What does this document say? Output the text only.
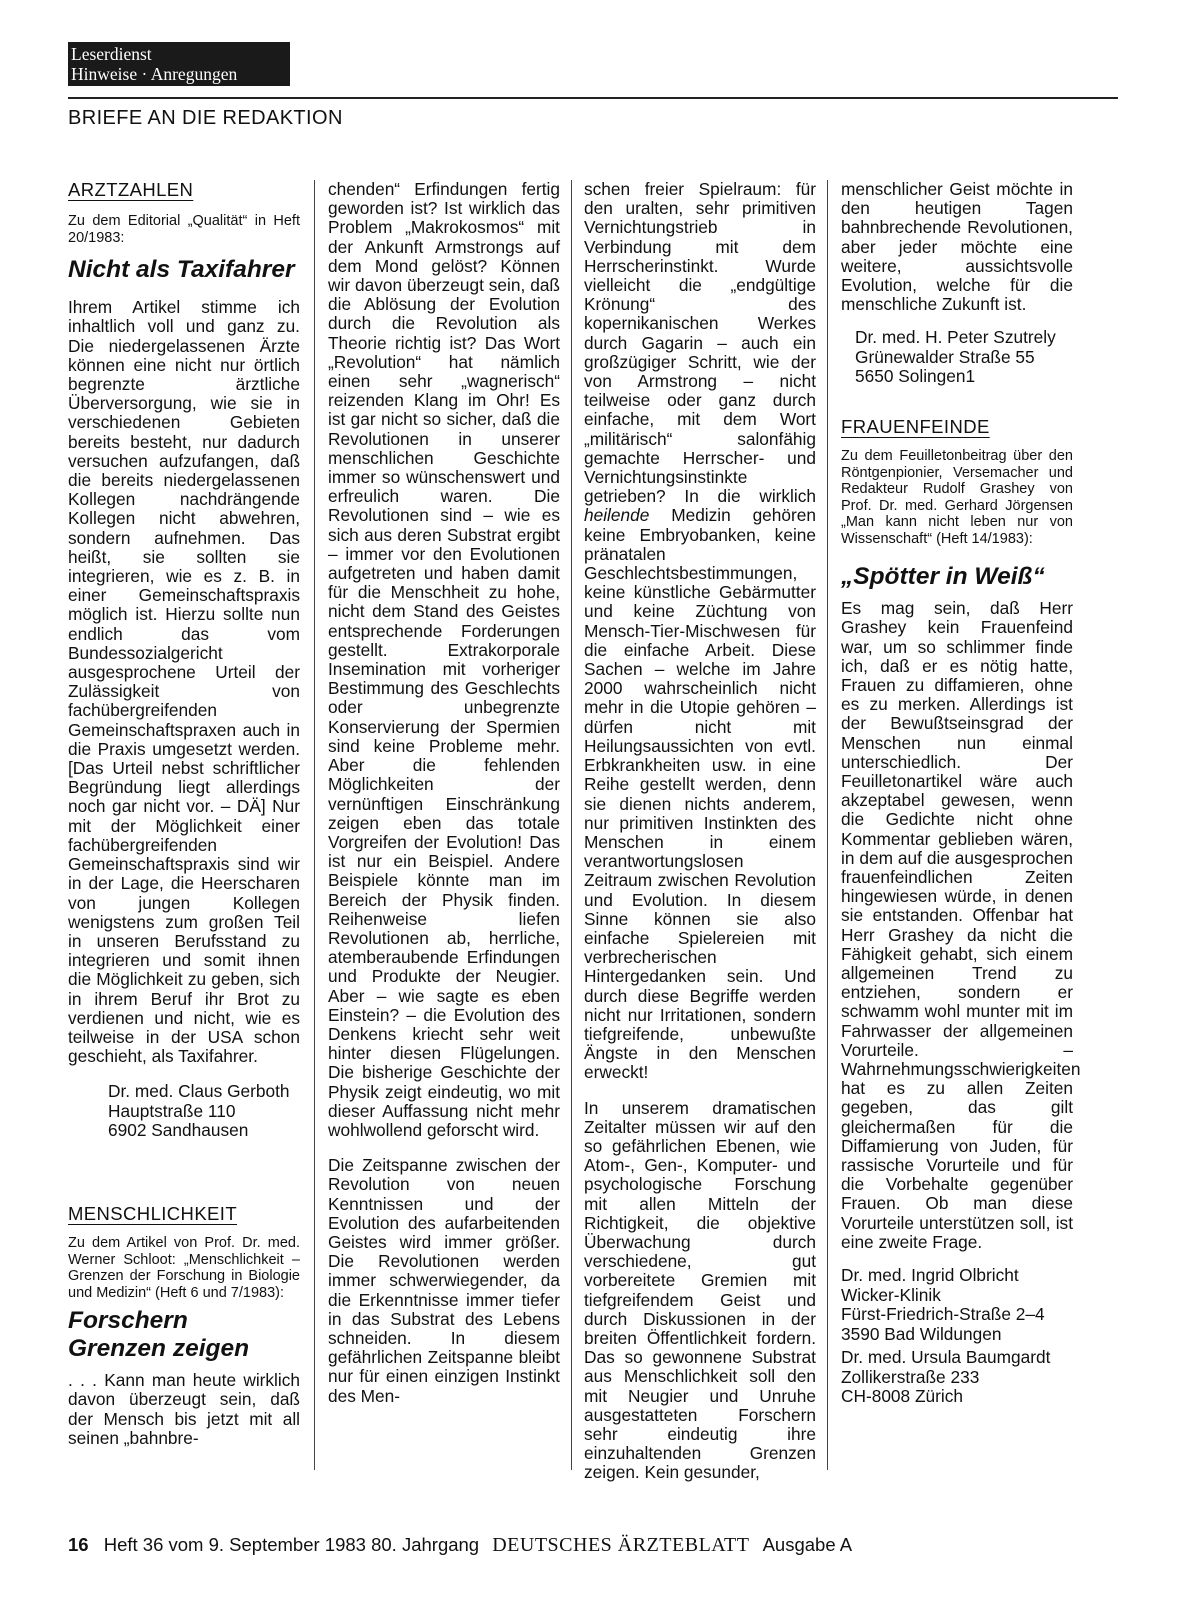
Leserdienst
Hinweise · Anregungen
BRIEFE AN DIE REDAKTION
ARZTZAHLEN
Zu dem Editorial „Qualität“ in Heft 20/1983:
Nicht als Taxifahrer

Ihrem Artikel stimme ich inhaltlich voll und ganz zu. Die niedergelassenen Ärzte können eine nicht nur örtlich begrenzte ärztliche Überversorgung, wie sie in verschiedenen Gebieten bereits besteht, nur dadurch versuchen aufzufangen, daß die bereits niedergelassenen Kollegen nachdrängende Kollegen nicht abwehren, sondern aufnehmen. Das heißt, sie sollten sie integrieren, wie es z. B. in einer Gemeinschaftspraxis möglich ist. Hierzu sollte nun endlich das vom Bundessozialgericht ausgesprochene Urteil der Zulässigkeit von fachübergreifenden Gemeinschaftspraxen auch in die Praxis umgesetzt werden. [Das Urteil nebst schriftlicher Begründung liegt allerdings noch gar nicht vor. – DÄ] Nur mit der Möglichkeit einer fachübergreifenden Gemeinschaftspraxis sind wir in der Lage, die Heerscharen von jungen Kollegen wenigstens zum großen Teil in unseren Berufsstand zu integrieren und somit ihnen die Möglichkeit zu geben, sich in ihrem Beruf ihr Brot zu verdienen und nicht, wie es teilweise in der USA schon geschieht, als Taxifahrer.

Dr. med. Claus Gerboth
Hauptstraße 110
6902 Sandhausen
MENSCHLICHKEIT
Zu dem Artikel von Prof. Dr. med. Werner Schloot: „Menschlichkeit – Grenzen der Forschung in Biologie und Medizin“ (Heft 6 und 7/1983):
Forschern
Grenzen zeigen

. . . Kann man heute wirklich davon überzeugt sein, daß der Mensch bis jetzt mit all seinen „bahnbre-

chenden“ Erfindungen fertig geworden ist? Ist wirklich das Problem „Makrokosmos“ mit der Ankunft Armstrongs auf dem Mond gelöst? Können wir davon überzeugt sein, daß die Ablösung der Evolution durch die Revolution als Theorie richtig ist? Das Wort „Revolution“ hat nämlich einen sehr „wagnerisch“ reizenden Klang im Ohr! Es ist gar nicht so sicher, daß die Revolutionen in unserer menschlichen Geschichte immer so wünschenswert und erfreulich waren. Die Revolutionen sind – wie es sich aus deren Substrat ergibt – immer vor den Evolutionen aufgetreten und haben damit für die Menschheit zu hohe, nicht dem Stand des Geistes entsprechende Forderungen gestellt. Extrakorporale Insemination mit vorheriger Bestimmung des Geschlechts oder unbegrenzte Konservierung der Spermien sind keine Probleme mehr. Aber die fehlenden Möglichkeiten der vernünftigen Einschränkung zeigen eben das totale Vorgreifen der Evolution! Das ist nur ein Beispiel. Andere Beispiele könnte man im Bereich der Physik finden. Reihenweise liefen Revolutionen ab, herrliche, atemberaubende Erfindungen und Produkte der Neugier. Aber – wie sagte es eben Einstein? – die Evolution des Denkens kriecht sehr weit hinter diesen Flügelungen. Die bisherige Geschichte der Physik zeigt eindeutig, wo mit dieser Auffassung nicht mehr wohlwollend geforscht wird.

Die Zeitspanne zwischen der Revolution von neuen Kenntnissen und der Evolution des aufarbeitenden Geistes wird immer größer. Die Revolutionen werden immer schwerwiegender, da die Erkenntnisse immer tiefer in das Substrat des Lebens schneiden. In diesem gefährlichen Zeitspanne bleibt nur für einen einzigen Instinkt des Men-

schen freier Spielraum: für den uralten, sehr primitiven Vernichtungstrieb in Verbindung mit dem Herrscherinstinkt. Wurde vielleicht die „endgültige Krönung“ des kopernikanischen Werkes durch Gagarin – auch ein großzügiger Schritt, wie der von Armstrong – nicht teilweise oder ganz durch einfache, mit dem Wort „militärisch“ salonfähig gemachte Herrscher- und Vernichtungsinstinkte getrieben? In die wirklich heilende Medizin gehören keine Embryobanken, keine pränatalen Geschlechtsbestimmungen, keine künstliche Gebärmutter und keine Züchtung von Mensch-Tier-Mischwesen für die einfache Arbeit. Diese Sachen – welche im Jahre 2000 wahrscheinlich nicht mehr in die Utopie gehören – dürfen nicht mit Heilungsaussichten von evtl. Erbkrankheiten usw. in eine Reihe gestellt werden, denn sie dienen nichts anderem, nur primitiven Instinkten des Menschen in einem verantwortungslosen Zeitraum zwischen Revolution und Evolution. In diesem Sinne können sie also einfache Spielereien mit verbrecherischen Hintergedanken sein. Und durch diese Begriffe werden nicht nur Irritationen, sondern tiefgreifende, unbewußte Ängste in den Menschen erweckt!

In unserem dramatischen Zeitalter müssen wir auf den so gefährlichen Ebenen, wie Atom-, Gen-, Komputer- und psychologische Forschung mit allen Mitteln der Richtigkeit, die objektive Überwachung durch verschiedene, gut vorbereitete Gremien mit tiefgreifendem Geist und durch Diskussionen in der breiten Öffentlichkeit fordern. Das so gewonnene Substrat aus Menschlichkeit soll den mit Neugier und Unruhe ausgestatteten Forschern sehr eindeutig ihre einzuhaltenden Grenzen zeigen. Kein gesunder,

menschlicher Geist möchte in den heutigen Tagen bahnbrechende Revolutionen, aber jeder möchte eine weitere, aussichtsvolle Evolution, welche für die menschliche Zukunft ist.

Dr. med. H. Peter Szutrely
Grünewalder Straße 55
5650 Solingen1
FRAUENFEINDE
Zu dem Feuilletonbeitrag über den Röntgenpionier, Versemacher und Redakteur Rudolf Grashey von Prof. Dr. med. Gerhard Jörgensen „Man kann nicht leben nur von Wissenschaft“ (Heft 14/1983):
„Spötter in Weiß“

Es mag sein, daß Herr Grashey kein Frauenfeind war, um so schlimmer finde ich, daß er es nötig hatte, Frauen zu diffamieren, ohne es zu merken. Allerdings ist der Bewußtseinsgrad der Menschen nun einmal unterschiedlich. Der Feuilletonartikel wäre auch akzeptabel gewesen, wenn die Gedichte nicht ohne Kommentar geblieben wären, in dem auf die ausgesprochen frauenfeindlichen Zeiten hingewiesen würde, in denen sie entstanden. Offenbar hat Herr Grashey da nicht die Fähigkeit gehabt, sich einem allgemeinen Trend zu entziehen, sondern er schwamm wohl munter mit im Fahrwasser der allgemeinen Vorurteile. – Wahrnehmungsschwierigkeiten hat es zu allen Zeiten gegeben, das gilt gleichermaßen für die Diffamierung von Juden, für rassische Vorurteile und für die Vorbehalte gegenüber Frauen. Ob man diese Vorurteile unterstützen soll, ist eine zweite Frage.

Dr. med. Ingrid Olbricht
Wicker-Klinik
Fürst-Friedrich-Straße 2–4
3590 Bad Wildungen
Dr. med. Ursula Baumgardt
Zollikerstraße 233
CH-8008 Zürich
16 Heft 36 vom 9. September 1983 80. Jahrgang DEUTSCHES ÄRZTEBLATT Ausgabe A
